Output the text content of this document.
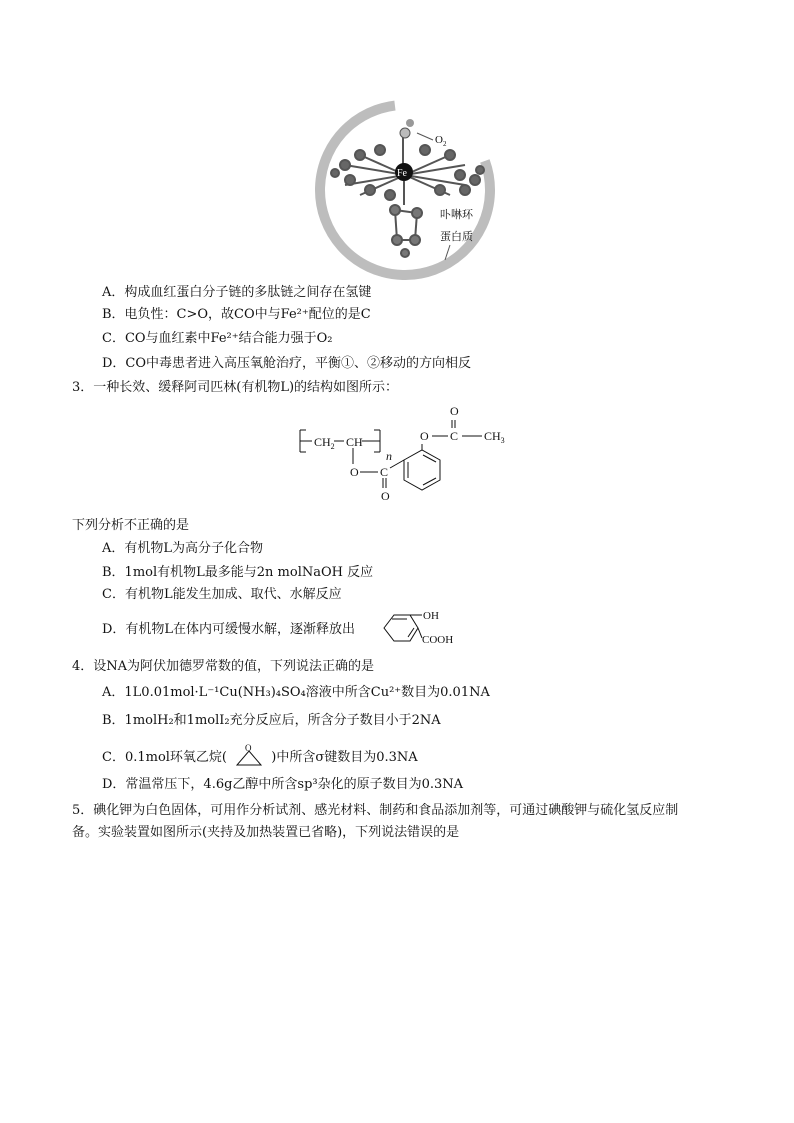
Fe
$O_2$
卟啉环
蛋白质
A．构成血红蛋白分子链的多肽链之间存在氢键
B．电负性：C>O，故CO中与Fe²⁺配位的是C
C．CO与血红素中Fe²⁺结合能力强于O₂
D．CO中毒患者进入高压氧舱治疗，平衡①、②移动的方向相反
3．一种长效、缓释阿司匹林(有机物L)的结构如图所示：
$CH_2$ CH
n
O C
O
O C
O
$CH_3$
下列分析不正确的是
A．有机物L为高分子化合物
B．1mol有机物L最多能与2n molNaOH 反应
C．有机物L能发生加成、取代、水解反应
D．有机物L在体内可缓慢水解，逐渐释放出
OH
COOH
4．设NA为阿伏加德罗常数的值，下列说法正确的是
A．1L0.01mol·L⁻¹Cu(NH₃)₄SO₄溶液中所含Cu²⁺数目为0.01NA
B．1molH₂和1molI₂充分反应后，所含分子数目小于2NA
C．0.1mol环氧乙烷(
O
)中所含σ键数目为0.3NA
D．常温常压下，4.6g乙醇中所含sp³杂化的原子数目为0.3NA
5．碘化钾为白色固体，可用作分析试剂、感光材料、制药和食品添加剂等，可通过碘酸钾与硫化氢反应制
备。实验装置如图所示(夹持及加热装置已省略)，下列说法错误的是
